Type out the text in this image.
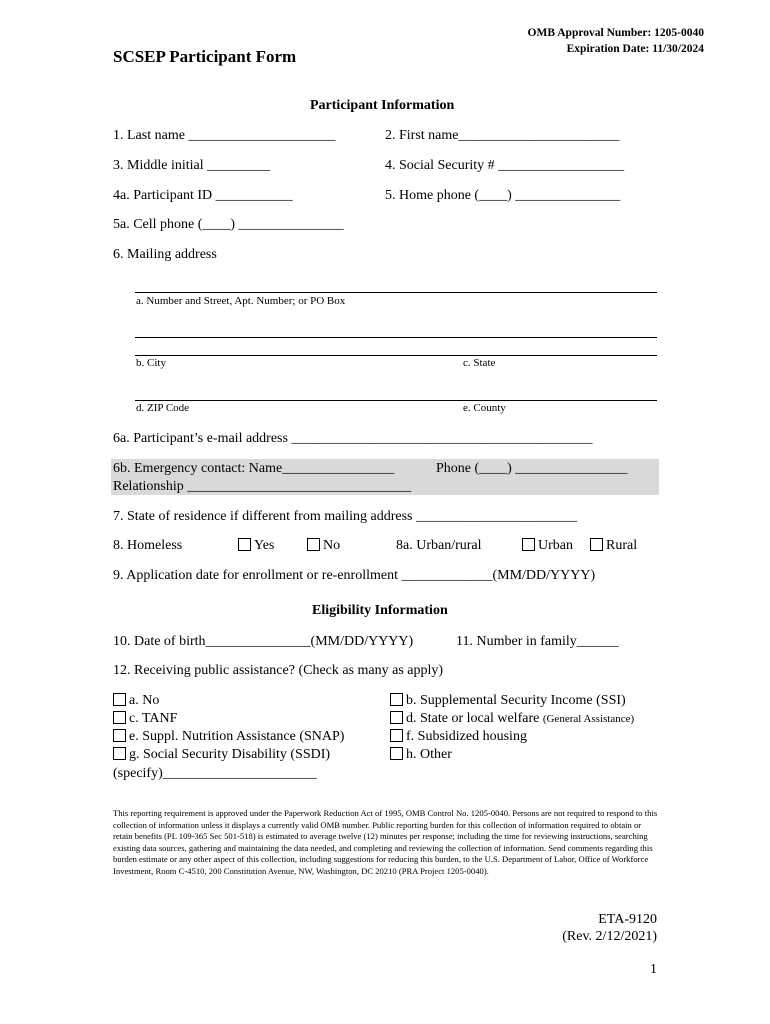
OMB Approval Number: 1205-0040
Expiration Date: 11/30/2024
SCSEP Participant Form
Participant Information
1. Last name _____________________	2. First name_______________________
3. Middle initial _________	4. Social Security # __________________
4a. Participant ID ___________	5. Home phone (____) _______________
5a. Cell phone (____) _______________
6. Mailing address
a. Number and Street, Apt. Number; or PO Box
b. City	c. State
d. ZIP Code	e. County
6a. Participant’s e-mail address ___________________________________________
6b. Emergency contact: Name________________	Phone (____) ________________
Relationship ________________________________
7. State of residence if different from mailing address _______________________
8. Homeless	Yes	No	8a. Urban/rural	Urban	Rural
9. Application date for enrollment or re-enrollment _____________(MM/DD/YYYY)
Eligibility Information
10. Date of birth_______________(MM/DD/YYYY)	11. Number in family______
12. Receiving public assistance? (Check as many as apply)
a. No	b. Supplemental Security Income (SSI)
c. TANF	d. State or local welfare (General Assistance)
e. Suppl. Nutrition Assistance (SNAP)	f. Subsidized housing
g. Social Security Disability (SSDI)	h. Other
(specify)______________________
This reporting requirement is approved under the Paperwork Reduction Act of 1995, OMB Control No. 1205-0040. Persons are not required to respond to this collection of information unless it displays a currently valid OMB number. Public reporting burden for this collection of information required to obtain or retain benefits (PL 109-365 Sec 501-518) is estimated to average twelve (12) minutes per response; including the time for reviewing instructions, searching existing data sources, gathering and maintaining the data needed, and completing and reviewing the collection of information. Send comments regarding this burden estimate or any other aspect of this collection, including suggestions for reducing this burden, to the U.S. Department of Labor, Office of Workforce Investment, Room C-4510, 200 Constitution Avenue, NW, Washington, DC 20210 (PRA Project 1205-0040).
ETA-9120
(Rev. 2/12/2021)
1
